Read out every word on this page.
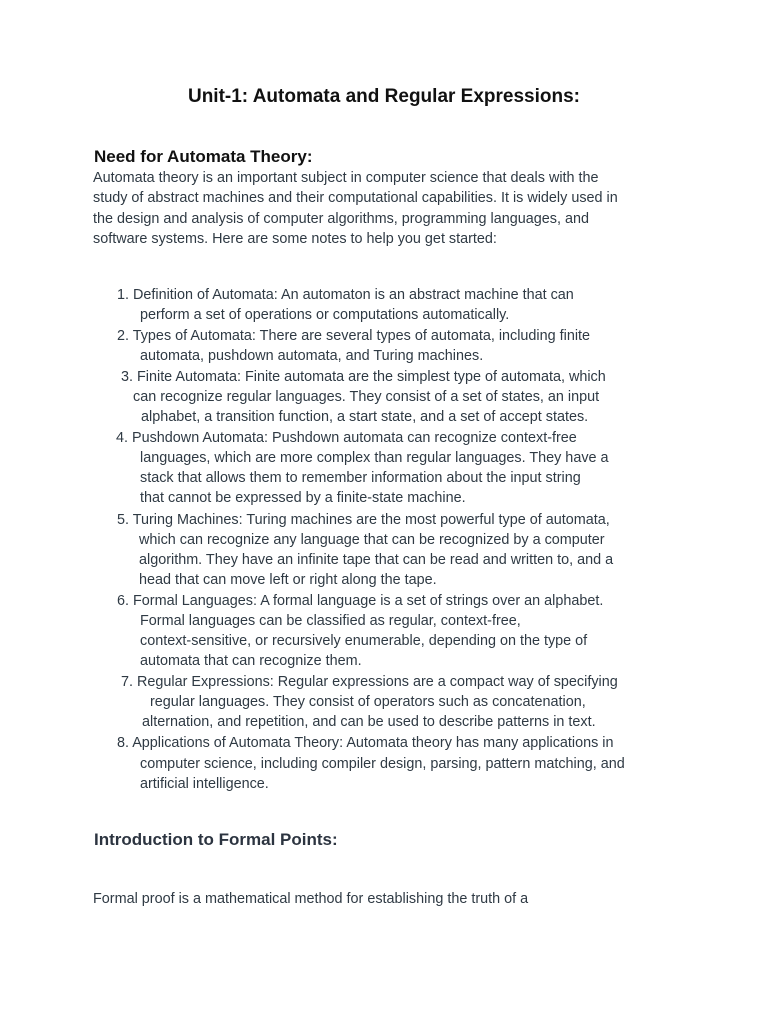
Unit-1: Automata and Regular Expressions:
Need for Automata Theory:
Automata theory is an important subject in computer science that deals with the
study of abstract machines and their computational capabilities. It is widely used in
the design and analysis of computer algorithms, programming languages, and
software systems. Here are some notes to help you get started:
1. Definition of Automata: An automaton is an abstract machine that can
perform a set of operations or computations automatically.
2. Types of Automata: There are several types of automata, including finite
automata, pushdown automata, and Turing machines.
3. Finite Automata: Finite automata are the simplest type of automata, which
can recognize regular languages. They consist of a set of states, an input
alphabet, a transition function, a start state, and a set of accept states.
4. Pushdown Automata: Pushdown automata can recognize context-free
languages, which are more complex than regular languages. They have a
stack that allows them to remember information about the input string
that cannot be expressed by a finite-state machine.
5. Turing Machines: Turing machines are the most powerful type of automata,
which can recognize any language that can be recognized by a computer
algorithm. They have an infinite tape that can be read and written to, and a
head that can move left or right along the tape.
6. Formal Languages: A formal language is a set of strings over an alphabet.
Formal languages can be classified as regular, context-free,
context-sensitive, or recursively enumerable, depending on the type of
automata that can recognize them.
7. Regular Expressions: Regular expressions are a compact way of specifying
regular languages. They consist of operators such as concatenation,
alternation, and repetition, and can be used to describe patterns in text.
8. Applications of Automata Theory: Automata theory has many applications in
computer science, including compiler design, parsing, pattern matching, and
artificial intelligence.
Introduction to Formal Points:
Formal proof is a mathematical method for establishing the truth of a
